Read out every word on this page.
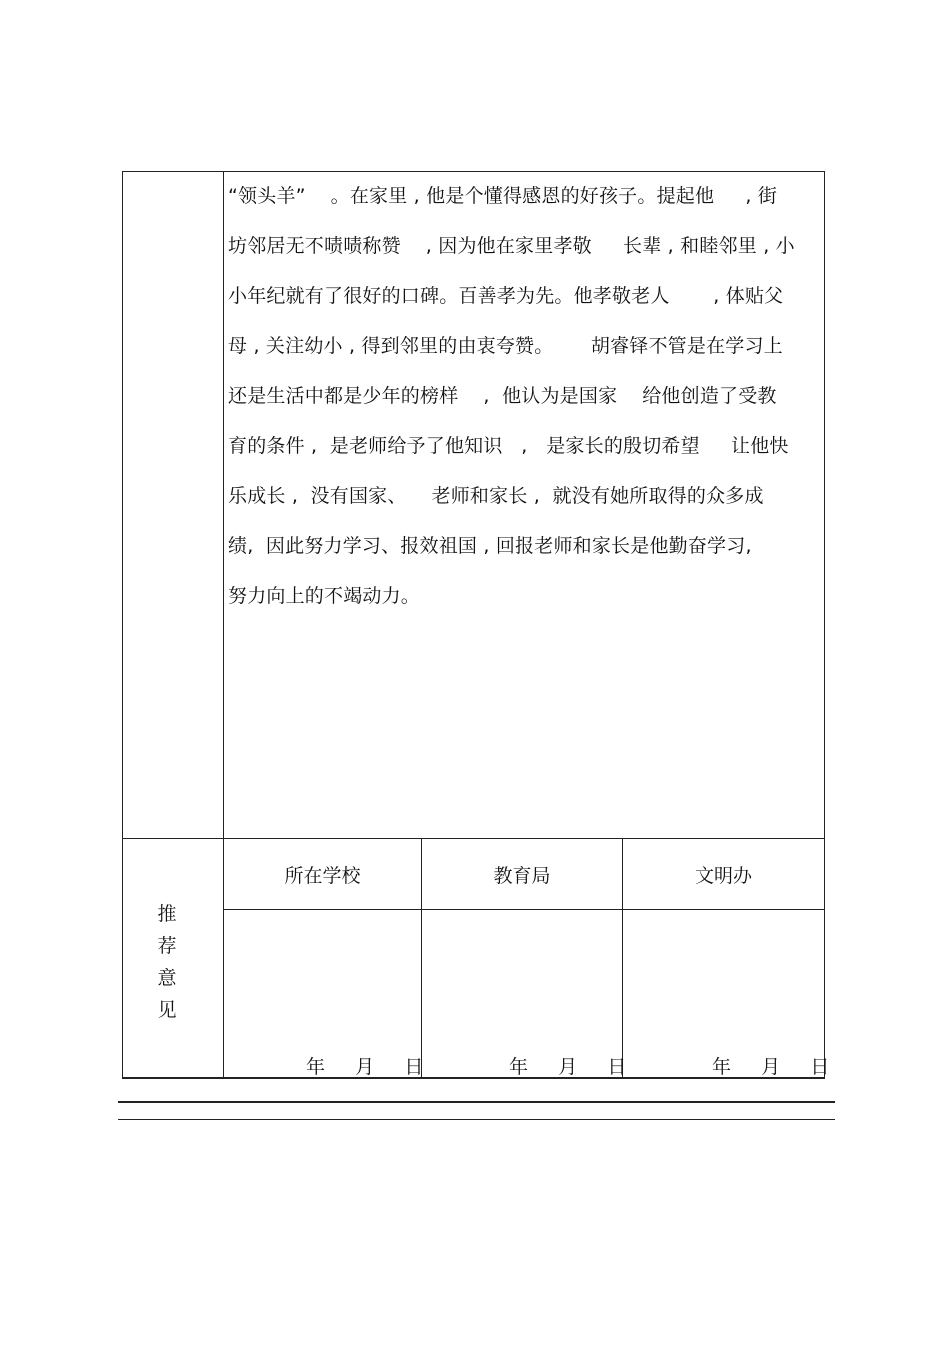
“领头羊”    。在家里 , 他是个懂得感恩的好孩子。提起他     , 街
坊邻居无不啧啧称赞    , 因为他在家里孝敬     长辈 , 和睦邻里 , 小
小年纪就有了很好的口碑。百善孝为先。他孝敬老人       , 体贴父
母 , 关注幼小 , 得到邻里的由衷夸赞。      胡睿铎不管是在学习上
还是生活中都是少年的榜样    ,  他认为是国家    给他创造了受教
育的条件 ,  是老师给予了他知识   ,   是家长的殷切希望     让他快
乐成长 ,  没有国家、    老师和家长 ,  就没有她所取得的众多成
绩,  因此努力学习、报效祖国 , 回报老师和家长是他勤奋学习,
努力向上的不竭动力。
推
荐
意
见
所在学校	教育局	文明办
年     月     日	年     月     日	年     月     日
